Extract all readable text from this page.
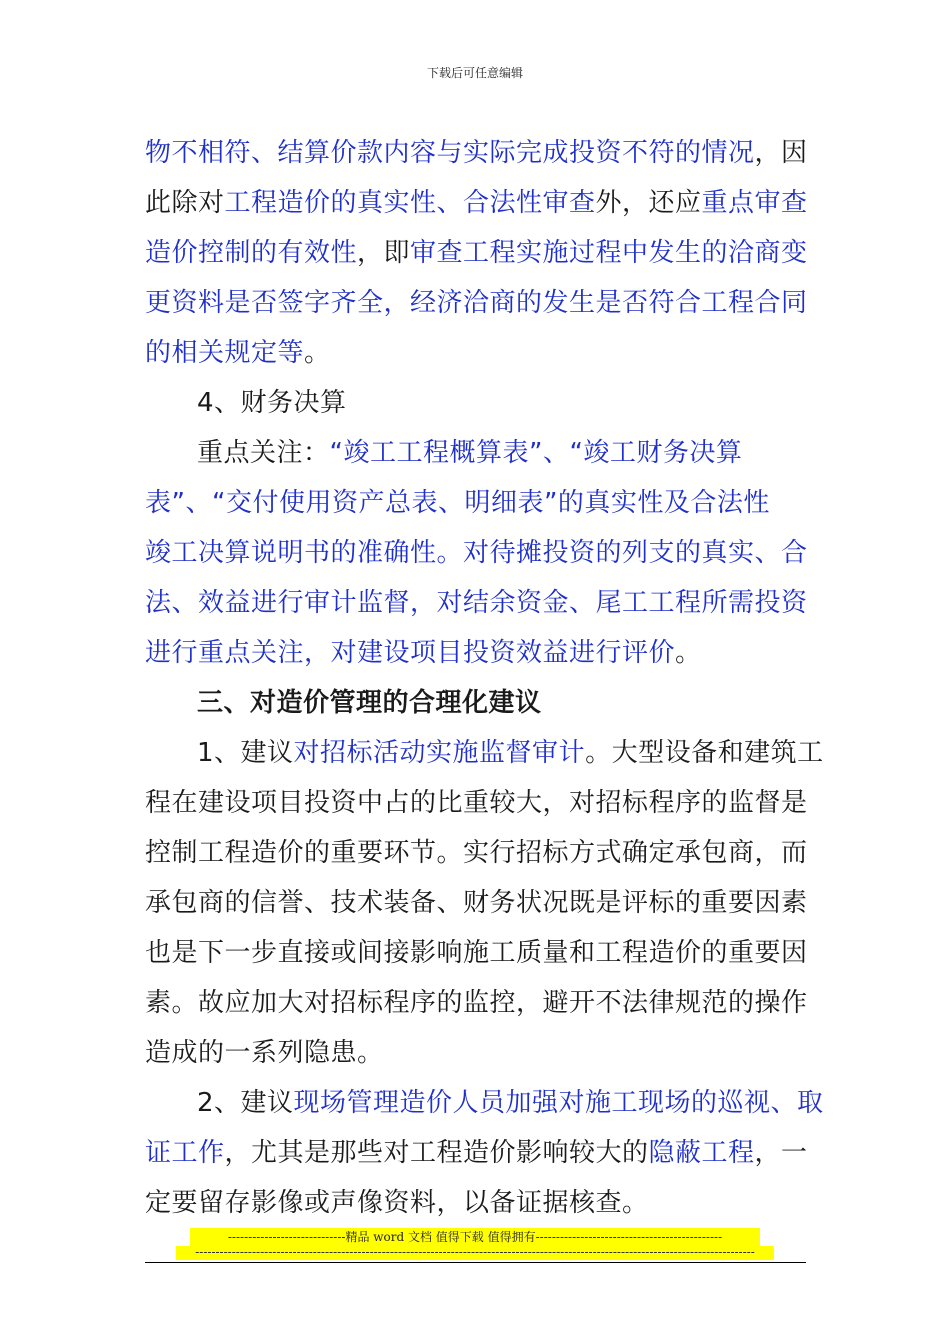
下载后可任意编辑
物不相符、结算价款内容与实际完成投资不符的情况，因
此除对工程造价的真实性、合法性审查外，还应重点审查
造价控制的有效性，即审查工程实施过程中发生的洽商变
更资料是否签字齐全，经济洽商的发生是否符合工程合同
的相关规定等。
4、财务决算
重点关注：“竣工工程概算表”、“竣工财务决算
表”、“交付使用资产总表、明细表”的真实性及合法性
竣工决算说明书的准确性。对待摊投资的列支的真实、合
法、效益进行审计监督，对结余资金、尾工工程所需投资
进行重点关注，对建设项目投资效益进行评价。
三、对造价管理的合理化建议
1、建议对招标活动实施监督审计。大型设备和建筑工
程在建设项目投资中占的比重较大，对招标程序的监督是
控制工程造价的重要环节。实行招标方式确定承包商，而
承包商的信誉、技术装备、财务状况既是评标的重要因素
也是下一步直接或间接影响施工质量和工程造价的重要因
素。故应加大对招标程序的监控，避开不法律规范的操作
造成的一系列隐患。
2、建议现场管理造价人员加强对施工现场的巡视、取
证工作，尤其是那些对工程造价影响较大的隐蔽工程，一
定要留存影像或声像资料，以备证据核查。
-----------------------------精品 word 文档 值得下载 值得拥有----------------------------------------------
------------------------------------------------------------------------------------------------------------------------------------------
